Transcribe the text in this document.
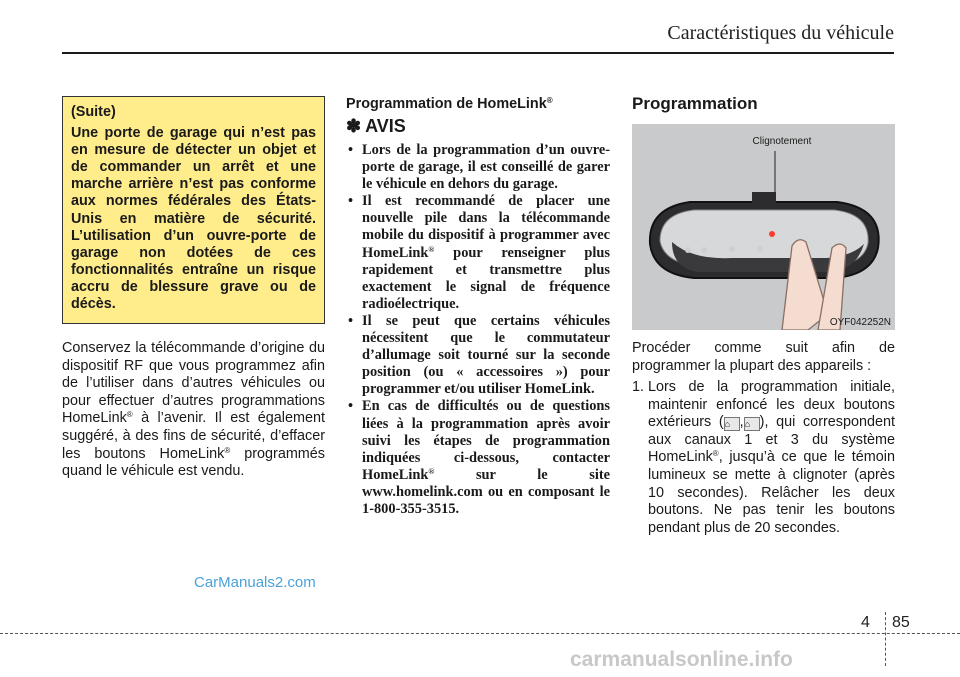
Caractéristiques du véhicule
(Suite)
Une porte de garage qui n’est pas en mesure de détecter un objet et de commander un arrêt et une marche arrière n’est pas conforme aux normes fédérales des États-Unis en matière de sécurité. L’utilisation d’un ouvre-porte de garage non dotées de ces fonctionnalités entraîne un risque accru de blessure grave ou de décès.
Conservez la télécommande d’origine du dispositif RF que vous programmez afin de l’utiliser dans d’autres véhicules ou pour effectuer d’autres programmations HomeLink® à l’avenir. Il est également suggéré, à des fins de sécurité, d’effacer les boutons HomeLink® programmés quand le véhicule est vendu.
Programmation de HomeLink®
✽ AVIS
• Lors de la programmation d’un ouvre-porte de garage, il est conseillé de garer le véhicule en dehors du garage.
• Il est recommandé de placer une nouvelle pile dans la télécommande mobile du dispositif à programmer avec HomeLink® pour renseigner plus rapidement et transmettre plus exactement le signal de fréquence radioélectrique.
• Il se peut que certains véhicules nécessitent que le commutateur d’allumage soit tourné sur la seconde position (ou « accessoires ») pour programmer et/ou utiliser HomeLink.
• En cas de difficultés ou de questions liées à la programmation après avoir suivi les étapes de programmation indiquées ci-dessous, contacter HomeLink® sur le site www.homelink.com ou en composant le 1-800-355-3515.
Programmation
Clignotement
OYF042252N
Procéder comme suit afin de programmer la plupart des appareils :
1. Lors de la programmation initiale, maintenir enfoncé les deux boutons extérieurs (⌂ ,⌂ ), qui correspondent aux canaux 1 et 3 du système HomeLink®, jusqu’à ce que le témoin lumineux se mette à clignoter (après 10 secondes). Relâcher les deux boutons. Ne pas tenir les boutons pendant plus de 20 secondes.
CarManuals2.com
4 85
carmanualsonline.info
